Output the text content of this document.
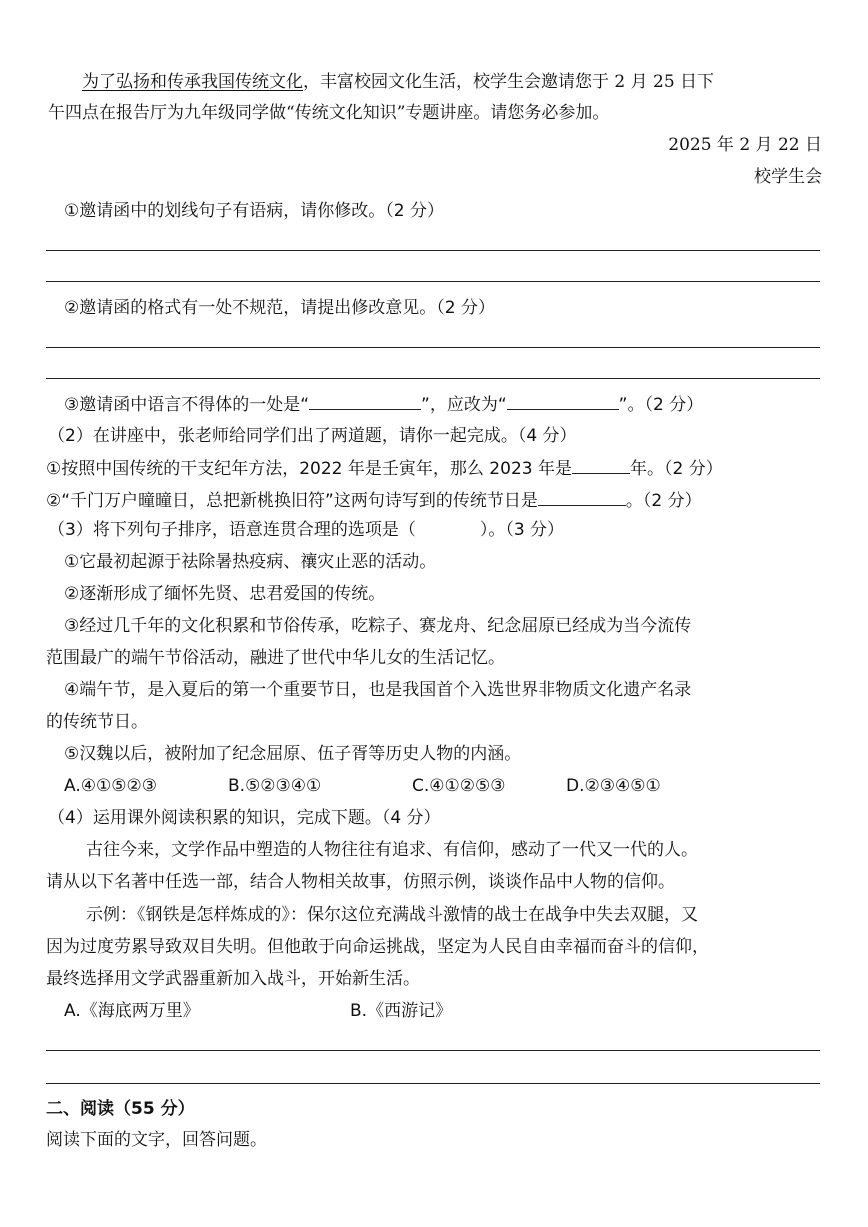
为了弘扬和传承我国传统文化，丰富校园文化生活，校学生会邀请您于 2 月 25 日下
午四点在报告厅为九年级同学做“传统文化知识”专题讲座。请您务必参加。
2025 年 2 月 22 日
校学生会
①邀请函中的划线句子有语病，请你修改。（2 分）
②邀请函的格式有一处不规范，请提出修改意见。（2 分）
③邀请函中语言不得体的一处是“	”，应改为“	”。（2 分）
（2）在讲座中，张老师给同学们出了两道题，请你一起完成。（4 分）
①按照中国传统的干支纪年方法，2022 年是壬寅年，那么 2023 年是	年。（2 分）
②“千门万户曈曈日，总把新桃换旧符”这两句诗写到的传统节日是	。（2 分）
（3）将下列句子排序，语意连贯合理的选项是（	）。（3 分）
①它最初起源于祛除暑热疫病、禳灾止恶的活动。
②逐渐形成了缅怀先贤、忠君爱国的传统。
③经过几千年的文化积累和节俗传承，吃粽子、赛龙舟、纪念屈原已经成为当今流传
范围最广的端午节俗活动，融进了世代中华儿女的生活记忆。
④端午节，是入夏后的第一个重要节日，也是我国首个入选世界非物质文化遗产名录
的传统节日。
⑤汉魏以后，被附加了纪念屈原、伍子胥等历史人物的内涵。
A.④①⑤②③	B.⑤②③④①	C.④①②⑤③	D.②③④⑤①
（4）运用课外阅读积累的知识，完成下题。（4 分）
古往今来，文学作品中塑造的人物往往有追求、有信仰，感动了一代又一代的人。
请从以下名著中任选一部，结合人物相关故事，仿照示例，谈谈作品中人物的信仰。
示例：《钢铁是怎样炼成的》：保尔这位充满战斗激情的战士在战争中失去双腿，又
因为过度劳累导致双目失明。但他敢于向命运挑战，坚定为人民自由幸福而奋斗的信仰，
最终选择用文学武器重新加入战斗，开始新生活。
A.《海底两万里》	B.《西游记》
二、阅读（55 分）
阅读下面的文字，回答问题。
